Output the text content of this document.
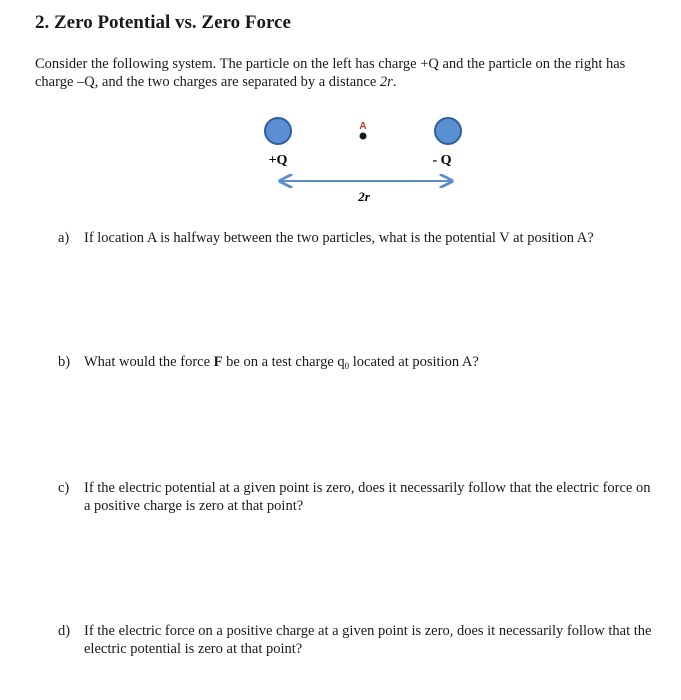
2. Zero Potential vs. Zero Force

Consider the following system. The particle on the left has charge +Q and the particle on the right has charge –Q, and the two charges are separated by a distance 2r.

A
+Q	- Q
2r
a)	If location A is halfway between the two particles, what is the potential V at position A?
b) What would the force F be on a test charge $q_0$ located at position A?
c)	If the electric potential at a given point is zero, does it necessarily follow that the electric force on a positive charge is zero at that point?
d) If the electric force on a positive charge at a given point is zero, does it necessarily follow that the electric potential is zero at that point?
